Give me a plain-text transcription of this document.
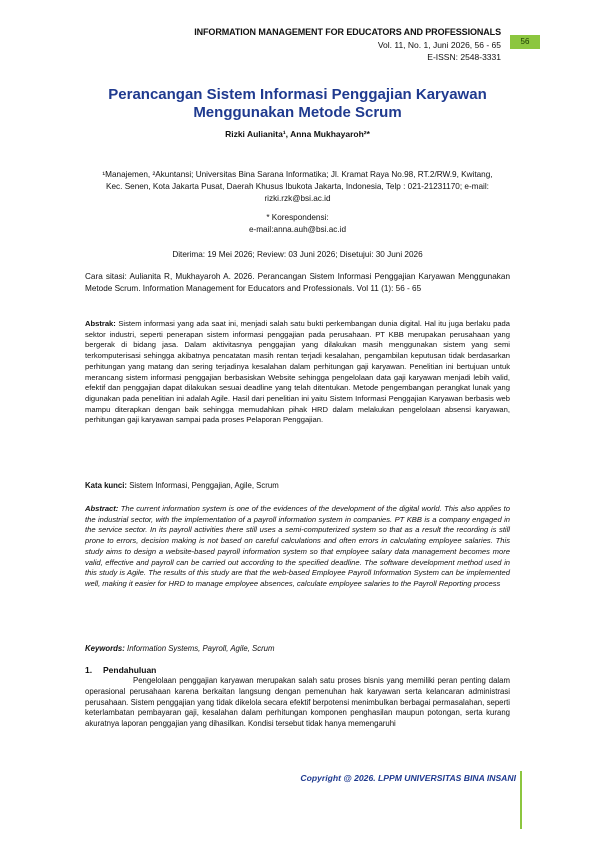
INFORMATION MANAGEMENT FOR EDUCATORS AND PROFESSIONALS
Vol. 11, No. 1, Juni 2026, 56 - 65
E-ISSN: 2548-3331
56
Perancangan Sistem Informasi Penggajian Karyawan Menggunakan Metode Scrum
Rizki Aulianita¹, Anna Mukhayaroh²*
¹Manajemen, ²Akuntansi; Universitas Bina Sarana Informatika; Jl. Kramat Raya No.98, RT.2/RW.9, Kwitang, Kec. Senen, Kota Jakarta Pusat, Daerah Khusus Ibukota Jakarta, Indonesia, Telp : 021-21231170; e-mail: rizki.rzk@bsi.ac.id
* Korespondensi:
e-mail:anna.auh@bsi.ac.id
Diterima: 19 Mei 2026; Review: 03 Juni 2026; Disetujui: 30 Juni 2026
Cara sitasi: Aulianita R, Mukhayaroh A. 2026. Perancangan Sistem Informasi Penggajian Karyawan Menggunakan Metode Scrum. Information Management for Educators and Professionals. Vol 11 (1): 56 - 65
Abstrak: Sistem informasi yang ada saat ini, menjadi salah satu bukti perkembangan dunia digital. Hal itu juga berlaku pada sektor industri, seperti penerapan sistem informasi penggajian pada perusahaan. PT KBB merupakan perusahaan yang bergerak di bidang jasa. Dalam aktivitasnya penggajian yang dilakukan masih menggunakan sistem yang semi terkomputerisasi sehingga akibatnya pencatatan masih rentan terjadi kesalahan, pengambilan keputusan tidak berdasarkan perhitungan yang matang dan sering terjadinya kesalahan dalam perhitungan gaji karyawan. Penelitian ini bertujuan untuk merancang sistem informasi penggajian berbasiskan Website sehingga pengelolaan data gaji karyawan menjadi lebih valid, efektif dan penggajian dapat dilakukan sesuai deadline yang telah ditentukan. Metode pengembangan perangkat lunak yang digunakan pada penelitian ini adalah Agile. Hasil dari penelitian ini yaitu Sistem Informasi Penggajian Karyawan berbasis web mampu diterapkan dengan baik sehingga memudahkan pihak HRD dalam melakukan pengelolaan absensi karyawan, perhitungan gaji karyawan sampai pada proses Pelaporan Penggajian.
Kata kunci: Sistem Informasi, Penggajian, Agile, Scrum
Abstract: The current information system is one of the evidences of the development of the digital world. This also applies to the industrial sector, with the implementation of a payroll information system in companies. PT KBB is a company engaged in the service sector. In its payroll activities there still uses a semi-computerized system so that as a result the recording is still prone to errors, decision making is not based on careful calculations and often errors in calculating employee salaries. This study aims to design a website-based payroll information system so that employee salary data management becomes more valid, effective and payroll can be carried out according to the specified deadline. The software development method used in this study is Agile. The results of this study are that the web-based Employee Payroll Information System can be implemented well, making it easier for HRD to manage employee absences, calculate employee salaries to the Payroll Reporting process
Keywords: Information Systems, Payroll, Agile, Scrum
1. Pendahuluan
Pengelolaan penggajian karyawan merupakan salah satu proses bisnis yang memiliki peran penting dalam operasional perusahaan karena berkaitan langsung dengan pemenuhan hak karyawan serta kelancaran administrasi perusahaan. Sistem penggajian yang tidak dikelola secara efektif berpotensi menimbulkan berbagai permasalahan, seperti keterlambatan pembayaran gaji, kesalahan dalam perhitungan komponen penghasilan maupun potongan, serta kurang akuratnya laporan penggajian yang dihasilkan. Kondisi tersebut tidak hanya memengaruhi
Copyright @ 2026. LPPM UNIVERSITAS BINA INSANI
